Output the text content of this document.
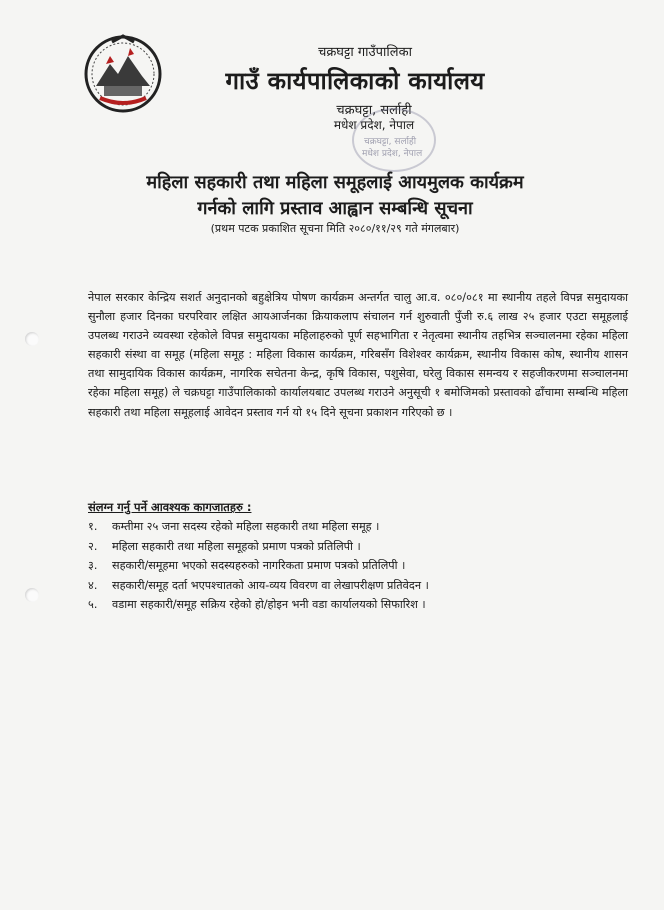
चक्रघट्टा गाउँपालिका
गाउँ कार्यपालिकाको कार्यालय
चक्रघट्टा, सर्लाही
मधेश प्रदेश, नेपाल
चक्रघट्टा, सर्लाही
मधेश प्रदेश, नेपाल
महिला सहकारी तथा महिला समूहलाई आयमुलक कार्यक्रम
गर्नको लागि प्रस्ताव आह्वान सम्बन्धि सूचना
(प्रथम पटक प्रकाशित सूचना मिति २०८०/११/२९ गते मंगलबार)
नेपाल सरकार केन्द्रिय सशर्त अनुदानको बहुक्षेत्रिय पोषण कार्यक्रम अन्तर्गत चालु आ.व. ०८०/०८१ मा स्थानीय तहले विपन्न समुदायका सुनौला हजार दिनका घरपरिवार लक्षित आयआर्जनका क्रियाकलाप संचालन गर्न शुरुवाती पुँजी रु.६ लाख २५ हजार एउटा समूहलाई उपलब्ध गराउने व्यवस्था रहेकोले विपन्न समुदायका महिलाहरुको पूर्ण सहभागिता र नेतृत्वमा स्थानीय तहभित्र सञ्चालनमा रहेका महिला सहकारी संस्था वा समूह (महिला समूह : महिला विकास कार्यक्रम, गरिबसँग विशेश्वर कार्यक्रम, स्थानीय विकास कोष, स्थानीय शासन तथा सामुदायिक विकास कार्यक्रम, नागरिक सचेतना केन्द्र, कृषि विकास, पशुसेवा, घरेलु विकास समन्वय र सहजीकरणमा सञ्चालनमा रहेका महिला समूह) ले चक्रघट्टा गाउँपालिकाको कार्यालयबाट उपलब्ध गराउने अनुसूची १ बमोजिमको प्रस्तावको ढाँचामा सम्बन्धि महिला सहकारी तथा महिला समूहलाई आवेदन प्रस्ताव गर्न यो १५ दिने सूचना प्रकाशन गरिएको छ ।
संलग्न गर्नु पर्ने आवश्यक कागजातहरु :
१.	कम्तीमा २५ जना सदस्य रहेको महिला सहकारी तथा महिला समूह ।
२.	महिला सहकारी तथा महिला समूहको प्रमाण पत्रको प्रतिलिपी ।
३.	सहकारी/समूहमा भएको सदस्यहरुको नागरिकता प्रमाण पत्रको प्रतिलिपी ।
४.	सहकारी/समूह दर्ता भएपश्चातको आय-व्यय विवरण वा लेखापरीक्षण प्रतिवेदन ।
५.	वडामा सहकारी/समूह सक्रिय रहेको हो/होइन भनी वडा कार्यालयको सिफारिश ।
